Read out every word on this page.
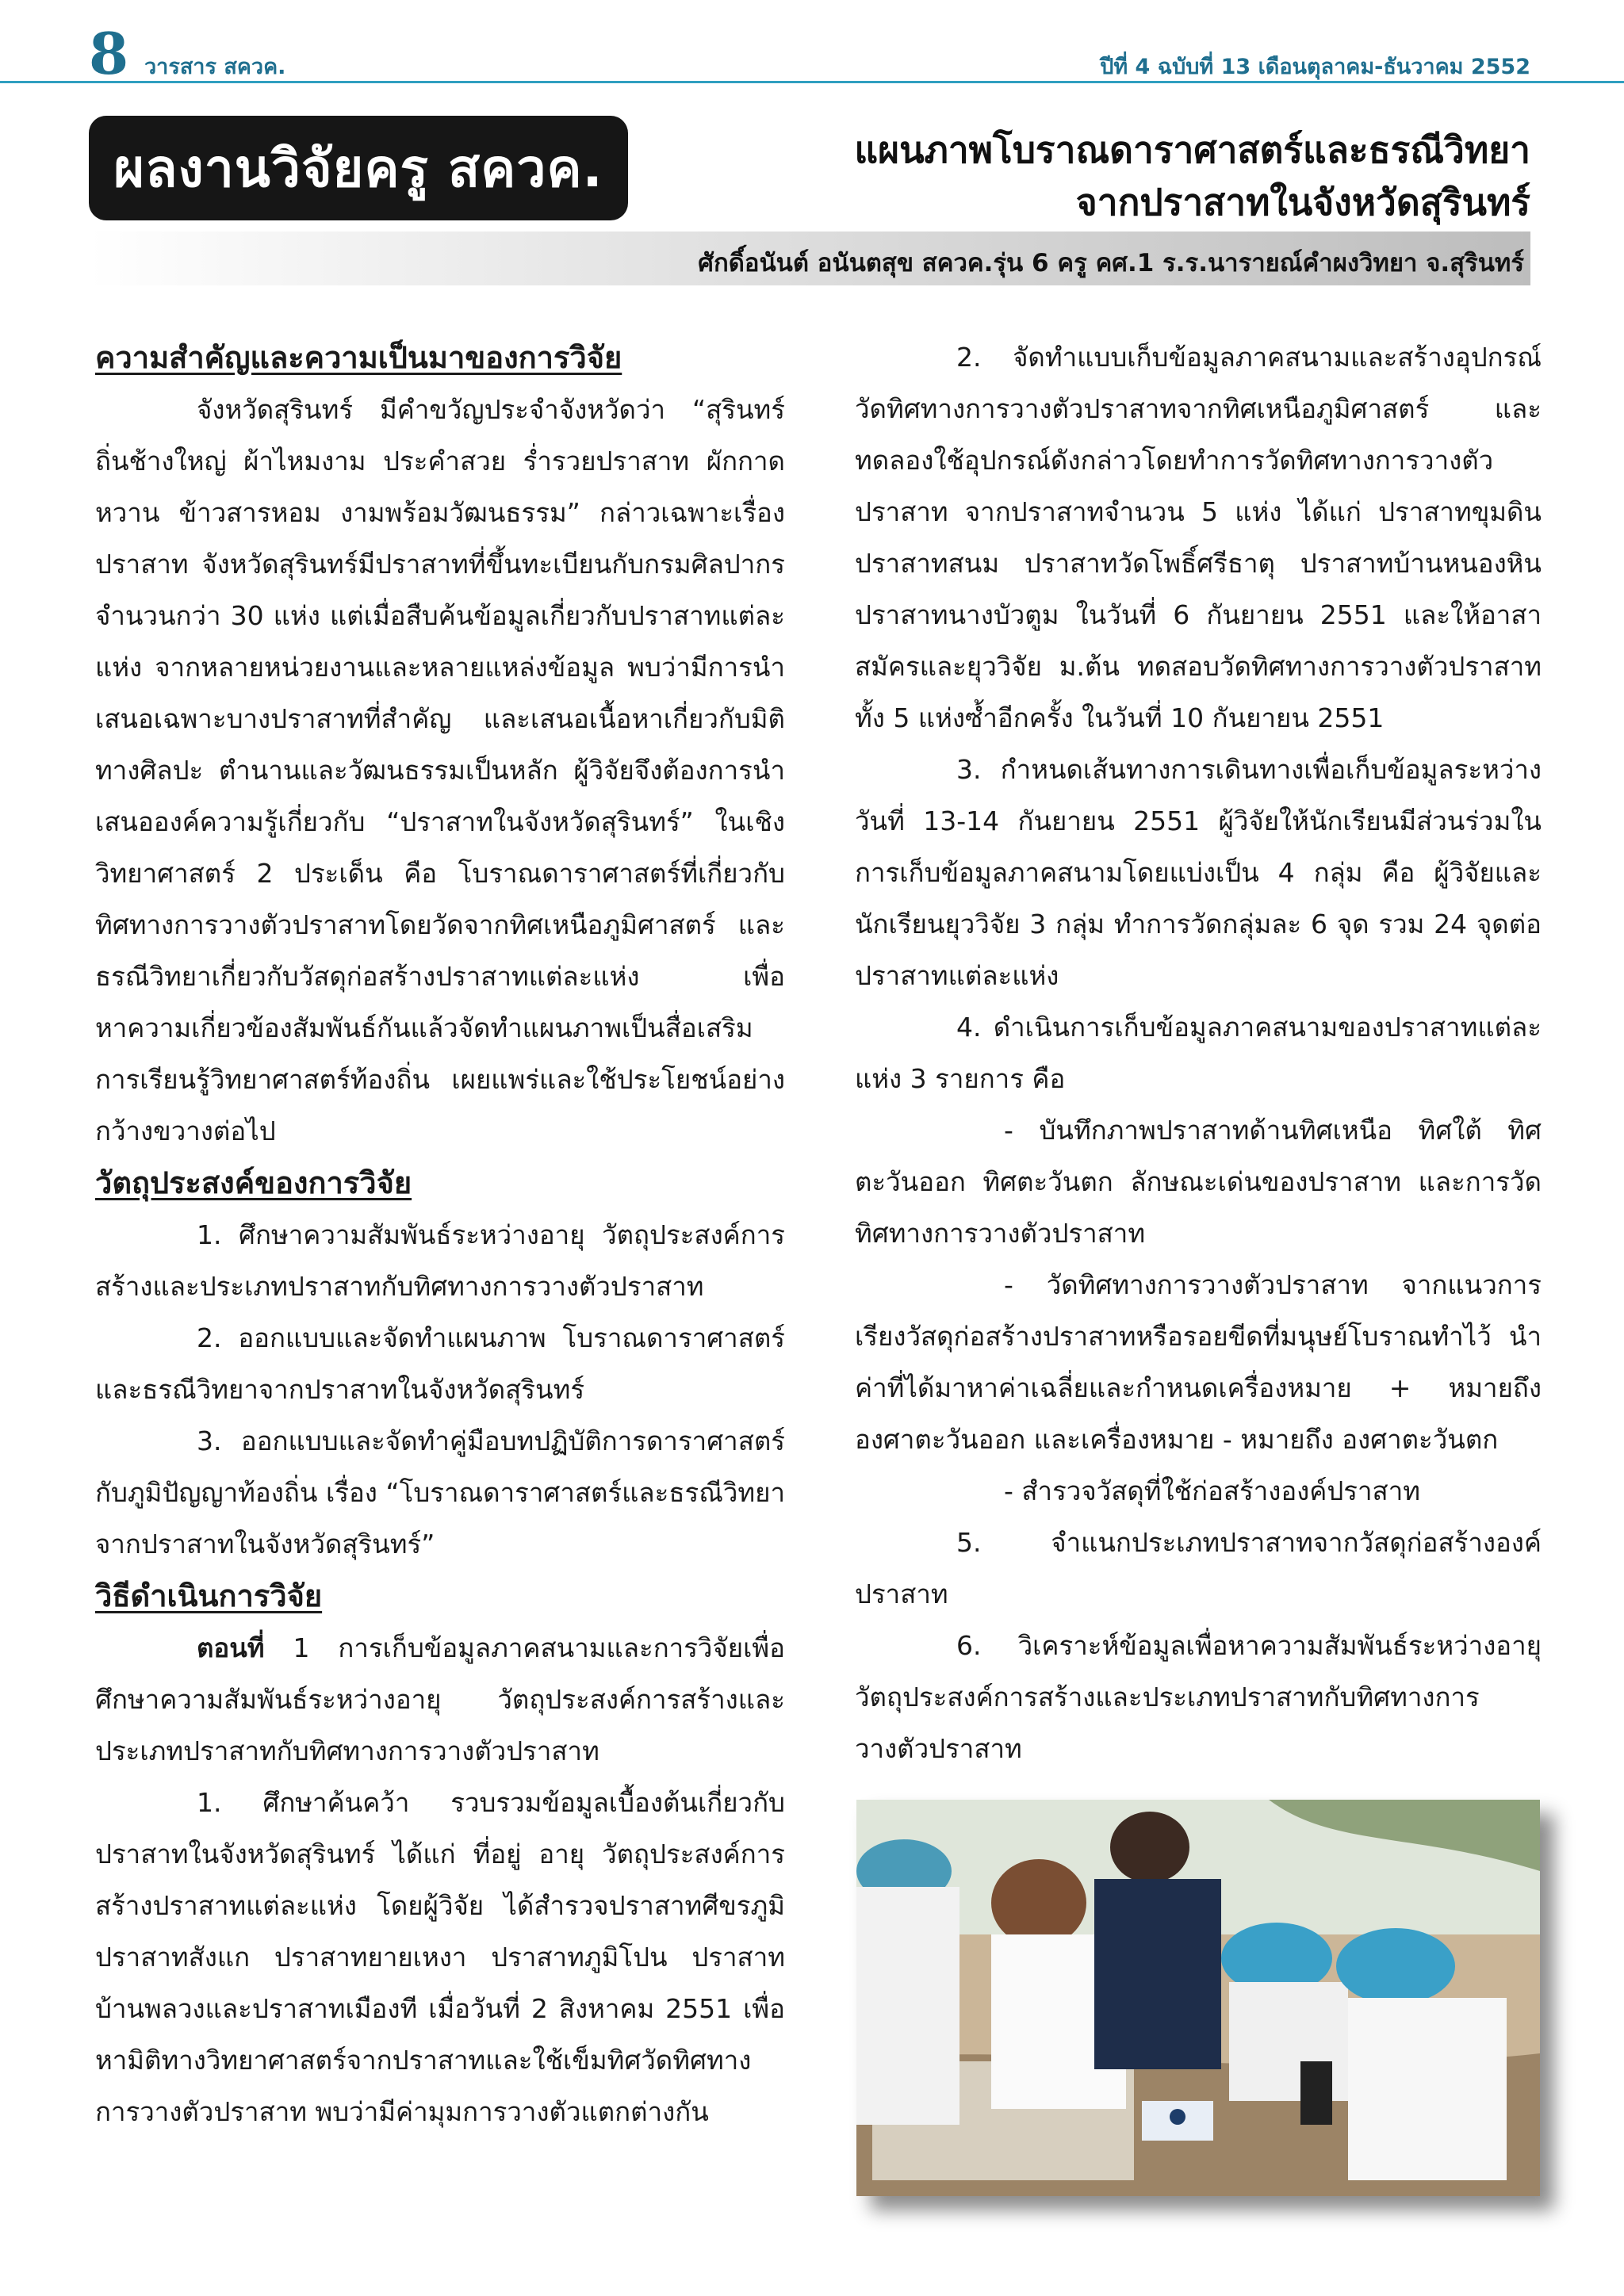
8 วารสาร สควค.	ปีที่ 4 ฉบับที่ 13 เดือนตุลาคม-ธันวาคม 2552
ผลงานวิจัยครู สควค.	แผนภาพโบราณดาราศาสตร์และธรณีวิทยา
จากปราสาทในจังหวัดสุรินทร์
ศักดิ์อนันต์ อนันตสุข สควค.รุ่น 6 ครู คศ.1 ร.ร.นารายณ์คำผงวิทยา จ.สุรินทร์
ความสำคัญและความเป็นมาของการวิจัย

จังหวัดสุรินทร์ มีคำขวัญประจำจังหวัดว่า “สุรินทร์ ถิ่นช้างใหญ่ ผ้าไหมงาม ประคำสวย ร่ำรวยปราสาท ผักกาดหวาน ข้าวสารหอม งามพร้อมวัฒนธรรม” กล่าวเฉพาะเรื่อง ปราสาท จังหวัดสุรินทร์มีปราสาทที่ขึ้นทะเบียนกับกรมศิลปากรจำนวนกว่า 30 แห่ง แต่เมื่อสืบค้นข้อมูลเกี่ยวกับปราสาทแต่ละแห่ง จากหลายหน่วยงานและหลายแหล่งข้อมูล พบว่ามีการนำเสนอเฉพาะบางปราสาทที่สำคัญ และเสนอเนื้อหาเกี่ยวกับมิติทางศิลปะ ตำนานและวัฒนธรรมเป็นหลัก ผู้วิจัยจึงต้องการนำเสนอองค์ความรู้เกี่ยวกับ “ปราสาทในจังหวัดสุรินทร์” ในเชิงวิทยาศาสตร์ 2 ประเด็น คือ โบราณดาราศาสตร์ที่เกี่ยวกับทิศทางการวางตัวปราสาทโดยวัดจากทิศเหนือภูมิศาสตร์ และธรณีวิทยาเกี่ยวกับวัสดุก่อสร้างปราสาทแต่ละแห่ง เพื่อหาความเกี่ยวข้องสัมพันธ์กันแล้วจัดทำแผนภาพเป็นสื่อเสริมการเรียนรู้วิทยาศาสตร์ท้องถิ่น เผยแพร่และใช้ประโยชน์อย่างกว้างขวางต่อไป

วัตถุประสงค์ของการวิจัย

1. ศึกษาความสัมพันธ์ระหว่างอายุ วัตถุประสงค์การสร้างและประเภทปราสาทกับทิศทางการวางตัวปราสาท

2. ออกแบบและจัดทำแผนภาพ โบราณดาราศาสตร์และธรณีวิทยาจากปราสาทในจังหวัดสุรินทร์

3. ออกแบบและจัดทำคู่มือบทปฏิบัติการดาราศาสตร์กับภูมิปัญญาท้องถิ่น เรื่อง “โบราณดาราศาสตร์และธรณีวิทยาจากปราสาทในจังหวัดสุรินทร์”

วิธีดำเนินการวิจัย

ตอนที่ 1 การเก็บข้อมูลภาคสนามและการวิจัยเพื่อศึกษาความสัมพันธ์ระหว่างอายุ วัตถุประสงค์การสร้างและประเภทปราสาทกับทิศทางการวางตัวปราสาท

1. ศึกษาค้นคว้า รวบรวมข้อมูลเบื้องต้นเกี่ยวกับปราสาทในจังหวัดสุรินทร์ ได้แก่ ที่อยู่ อายุ วัตถุประสงค์การสร้างปราสาทแต่ละแห่ง โดยผู้วิจัย ได้สำรวจปราสาทศีขรภูมิ ปราสาทสังแก ปราสาทยายเหงา ปราสาทภูมิโปน ปราสาทบ้านพลวงและปราสาทเมืองที เมื่อวันที่ 2 สิงหาคม 2551 เพื่อหามิติทางวิทยาศาสตร์จากปราสาทและใช้เข็มทิศวัดทิศทางการวางตัวปราสาท พบว่ามีค่ามุมการวางตัวแตกต่างกัน

2. จัดทำแบบเก็บข้อมูลภาคสนามและสร้างอุปกรณ์วัดทิศทางการวางตัวปราสาทจากทิศเหนือภูมิศาสตร์ และทดลองใช้อุปกรณ์ดังกล่าวโดยทำการวัดทิศทางการวางตัวปราสาท จากปราสาทจำนวน 5 แห่ง ได้แก่ ปราสาทขุมดิน ปราสาทสนม ปราสาทวัดโพธิ์ศรีธาตุ ปราสาทบ้านหนองหิน ปราสาทนางบัวตูม ในวันที่ 6 กันยายน 2551 และให้อาสาสมัครและยุววิจัย ม.ต้น ทดสอบวัดทิศทางการวางตัวปราสาททั้ง 5 แห่งซ้ำอีกครั้ง ในวันที่ 10 กันยายน 2551

3. กำหนดเส้นทางการเดินทางเพื่อเก็บข้อมูลระหว่างวันที่ 13-14 กันยายน 2551 ผู้วิจัยให้นักเรียนมีส่วนร่วมในการเก็บข้อมูลภาคสนามโดยแบ่งเป็น 4 กลุ่ม คือ ผู้วิจัยและนักเรียนยุววิจัย 3 กลุ่ม ทำการวัดกลุ่มละ 6 จุด รวม 24 จุดต่อปราสาทแต่ละแห่ง

4. ดำเนินการเก็บข้อมูลภาคสนามของปราสาทแต่ละแห่ง 3 รายการ คือ

- บันทึกภาพปราสาทด้านทิศเหนือ ทิศใต้ ทิศตะวันออก ทิศตะวันตก ลักษณะเด่นของปราสาท และการวัดทิศทางการวางตัวปราสาท

- วัดทิศทางการวางตัวปราสาท จากแนวการเรียงวัสดุก่อสร้างปราสาทหรือรอยขีดที่มนุษย์โบราณทำไว้ นำค่าที่ได้มาหาค่าเฉลี่ยและกำหนดเครื่องหมาย + หมายถึงองศาตะวันออก และเครื่องหมาย - หมายถึง องศาตะวันตก

- สำรวจวัสดุที่ใช้ก่อสร้างองค์ปราสาท

5. จำแนกประเภทปราสาทจากวัสดุก่อสร้างองค์ปราสาท

6. วิเคราะห์ข้อมูลเพื่อหาความสัมพันธ์ระหว่างอายุ วัตถุประสงค์การสร้างและประเภทปราสาทกับทิศทางการวางตัวปราสาท
